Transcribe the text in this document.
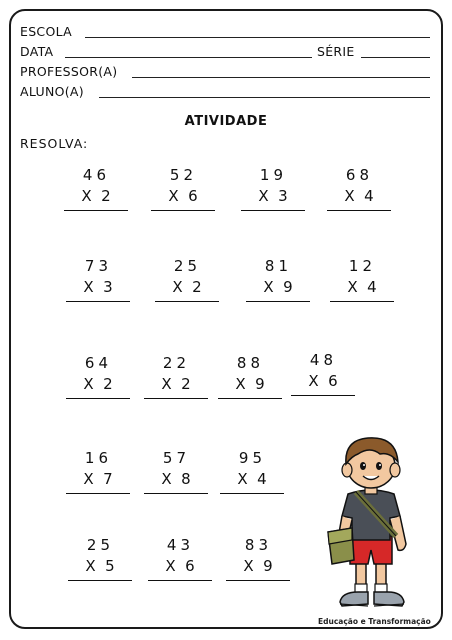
ESCOLA
DATA	SÉRIE
PROFESSOR(A)
ALUNO(A)
ATIVIDADE
RESOLVA:
46
X  2
52
X  6
19
X  3
68
X  4
73
X  3
25
X  2
81
X  9
12
X  4
64
X  2
22
X  2
88
X  9
48
X  6
16
X  7
57
X  8
95
X  4
25
X  5
43
X  6
83
X  9
Educação e Transformação
